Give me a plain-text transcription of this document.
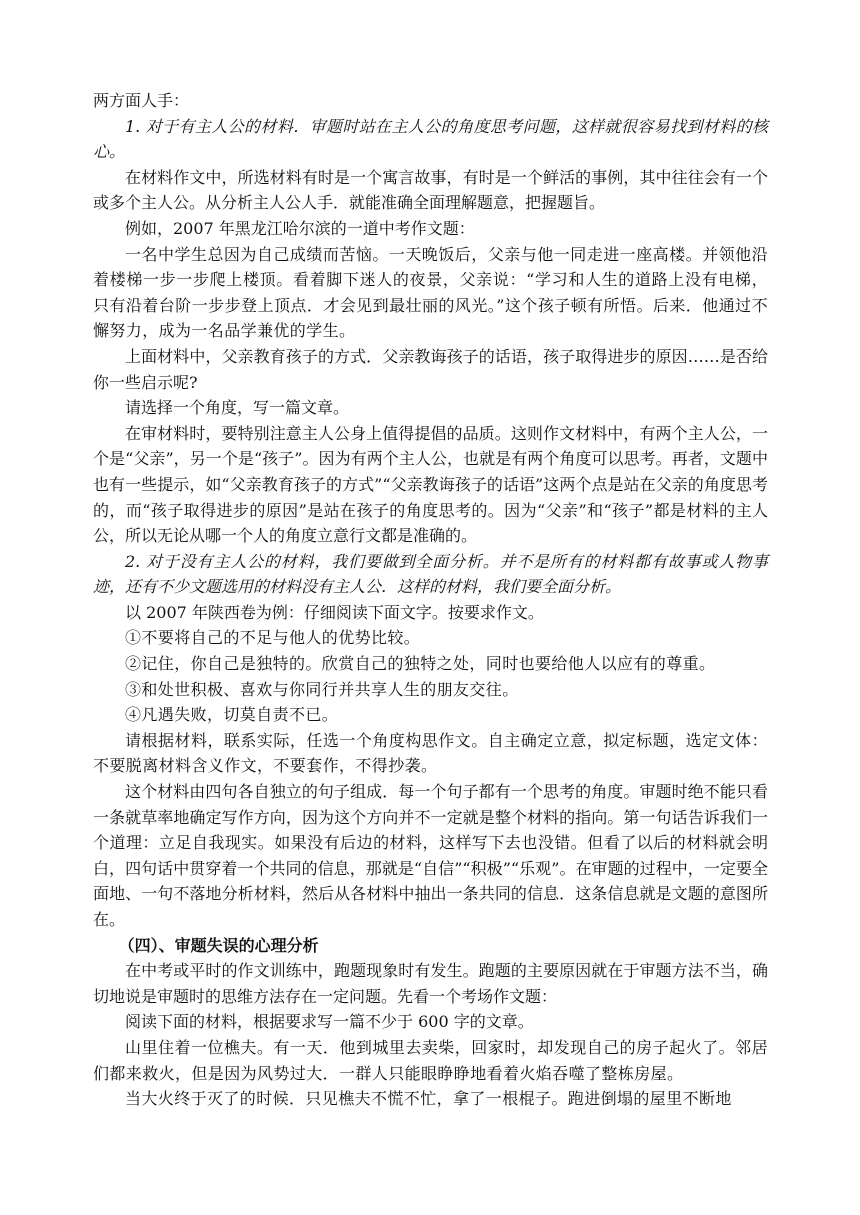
两方面人手：

1. 对于有主人公的材料．审题时站在主人公的角度思考问题，这样就很容易找到材料的核心。

在材料作文中，所选材料有时是一个寓言故事，有时是一个鲜活的事例，其中往往会有一个或多个主人公。从分析主人公人手．就能准确全面理解题意，把握题旨。

例如，2007 年黑龙江哈尔滨的一道中考作文题：

一名中学生总因为自己成绩而苦恼。一天晚饭后，父亲与他一同走进一座高楼。并领他沿着楼梯一步一步爬上楼顶。看着脚下迷人的夜景，父亲说：“学习和人生的道路上没有电梯，只有沿着台阶一步步登上顶点．才会见到最壮丽的风光。”这个孩子顿有所悟。后来．他通过不懈努力，成为一名品学兼优的学生。

上面材料中，父亲教育孩子的方式．父亲教诲孩子的话语，孩子取得进步的原因……是否给你一些启示呢?

请选择一个角度，写一篇文章。

在审材料时，要特别注意主人公身上值得提倡的品质。这则作文材料中，有两个主人公，一个是“父亲”，另一个是“孩子”。因为有两个主人公，也就是有两个角度可以思考。再者，文题中也有一些提示，如“父亲教育孩子的方式”“父亲教诲孩子的话语”这两个点是站在父亲的角度思考的，而“孩子取得进步的原因”是站在孩子的角度思考的。因为“父亲”和“孩子”都是材料的主人公，所以无论从哪一个人的角度立意行文都是准确的。

2. 对于没有主人公的材料，我们要做到全面分析。并不是所有的材料都有故事或人物事迹，还有不少文题选用的材料没有主人公．这样的材料，我们要全面分析。

以 2007 年陕西卷为例：仔细阅读下面文字。按要求作文。

①不要将自己的不足与他人的优势比较。

②记住，你自己是独特的。欣赏自己的独特之处，同时也要给他人以应有的尊重。

③和处世积极、喜欢与你同行并共享人生的朋友交往。

④凡遇失败，切莫自责不已。

请根据材料，联系实际，任选一个角度构思作文。自主确定立意，拟定标题，选定文体：不要脱离材料含义作文，不要套作，不得抄袭。

这个材料由四句各自独立的句子组成．每一个句子都有一个思考的角度。审题时绝不能只看一条就草率地确定写作方向，因为这个方向并不一定就是整个材料的指向。第一句话告诉我们一个道理：立足自我现实。如果没有后边的材料，这样写下去也没错。但看了以后的材料就会明白，四句话中贯穿着一个共同的信息，那就是“自信”“积极”“乐观”。在审题的过程中，一定要全面地、一句不落地分析材料，然后从各材料中抽出一条共同的信息．这条信息就是文题的意图所在。

（四）、审题失误的心理分析

在中考或平时的作文训练中，跑题现象时有发生。跑题的主要原因就在于审题方法不当，确切地说是审题时的思维方法存在一定问题。先看一个考场作文题：

阅读下面的材料，根据要求写一篇不少于 600 字的文章。

山里住着一位樵夫。有一天．他到城里去卖柴，回家时，却发现自己的房子起火了。邻居们都来救火，但是因为风势过大．一群人只能眼睁睁地看着火焰吞噬了整栋房屋。

当大火终于灭了的时候．只见樵夫不慌不忙，拿了一根棍子。跑进倒塌的屋里不断地
